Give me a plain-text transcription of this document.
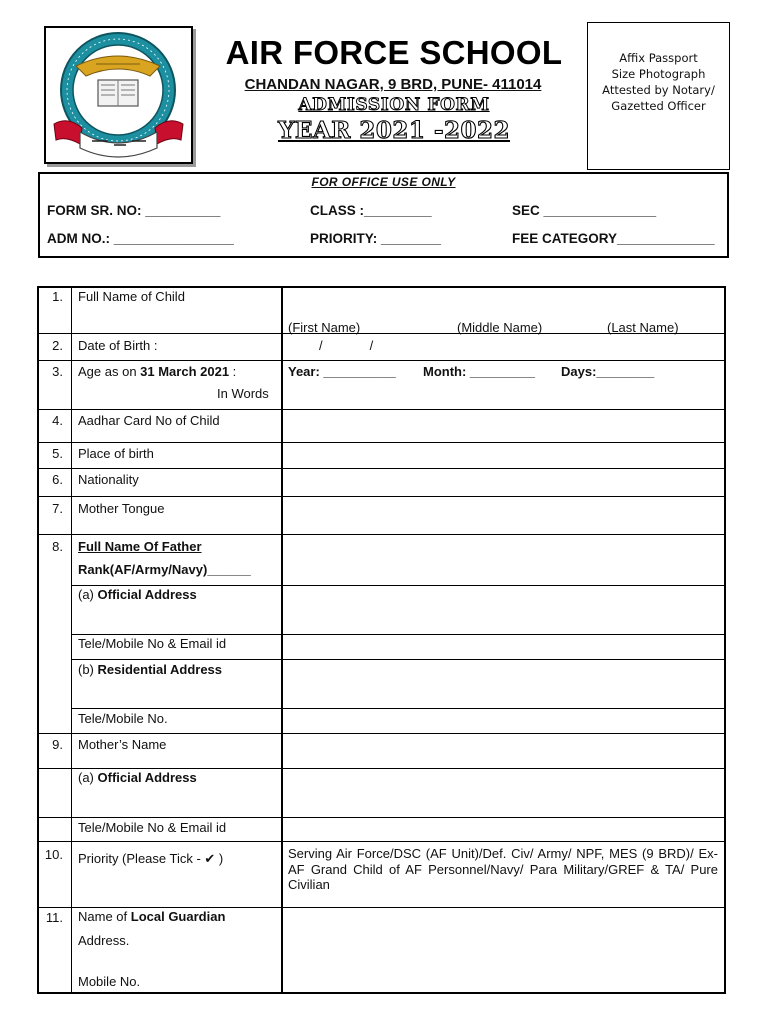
AIR FORCE SCHOOL
CHANDAN NAGAR, 9 BRD, PUNE- 411014
ADMISSION FORM
YEAR 2021 -2022
Affix Passport
Size Photograph
Attested by Notary/
Gazetted Officer
FOR OFFICE USE ONLY
FORM SR. NO: __________	CLASS :_________	SEC _______________
ADM NO.: ________________	PRIORITY: ________	FEE CATEGORY_____________
1. Full Name of Child
(First Name)	(Middle Name)	(Last Name)
2. Date of Birth :	/             /
3. Age as on 31 March 2021 :
In Words
Year: __________ Month: _________ Days:________
4. Aadhar Card No of Child
5. Place of birth
6. Nationality
7. Mother Tongue
8. Full Name Of Father
Rank(AF/Army/Navy)______
(a) Official Address
Tele/Mobile No & Email id
(b) Residential Address
Tele/Mobile No.
9. Mother’s Name
(a) Official Address
Tele/Mobile No & Email id
10. Priority (Please Tick - ✔ )	Serving Air Force/DSC (AF Unit)/Def. Civ/ Army/ NPF, MES (9 BRD)/ Ex-AF Grand Child of AF Personnel/Navy/ Para Military/GREF & TA/ Pure Civilian
11. Name of Local Guardian
Address.
Mobile No.
